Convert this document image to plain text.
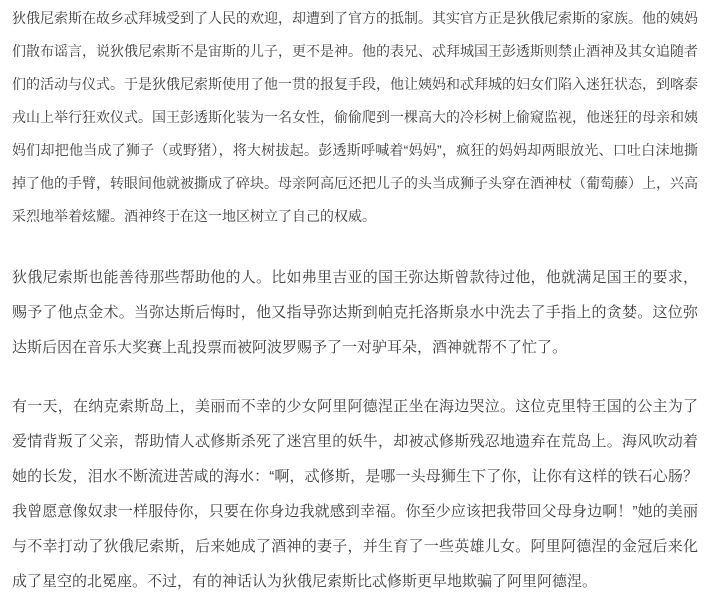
狄俄尼索斯在故乡忒拜城受到了人民的欢迎，却遭到了官方的抵制。其实官方正是狄俄尼索斯的家族。他的姨妈们散布谣言，说狄俄尼索斯不是宙斯的儿子，更不是神。他的表兄、忒拜城国王彭透斯则禁止酒神及其女追随者们的活动与仪式。于是狄俄尼索斯使用了他一贯的报复手段，他让姨妈和忒拜城的妇女们陷入迷狂状态，到喀泰戎山上举行狂欢仪式。国王彭透斯化装为一名女性，偷偷爬到一棵高大的冷杉树上偷窥监视，他迷狂的母亲和姨妈们却把他当成了狮子（或野猪），将大树拔起。彭透斯呼喊着“妈妈”，疯狂的妈妈却两眼放光、口吐白沫地撕掉了他的手臂，转眼间他就被撕成了碎块。母亲阿高厄还把儿子的头当成狮子头穿在酒神杖（葡萄藤）上，兴高采烈地举着炫耀。酒神终于在这一地区树立了自己的权威。

狄俄尼索斯也能善待那些帮助他的人。比如弗里吉亚的国王弥达斯曾款待过他，他就满足国王的要求，赐予了他点金术。当弥达斯后悔时，他又指导弥达斯到帕克托洛斯泉水中洗去了手指上的贪婪。这位弥达斯后因在音乐大奖赛上乱投票而被阿波罗赐予了一对驴耳朵，酒神就帮不了忙了。

有一天，在纳克索斯岛上，美丽而不幸的少女阿里阿德涅正坐在海边哭泣。这位克里特王国的公主为了爱情背叛了父亲，帮助情人忒修斯杀死了迷宫里的妖牛，却被忒修斯残忍地遗弃在荒岛上。海风吹动着她的长发，泪水不断流进苦咸的海水：“啊，忒修斯，是哪一头母狮生下了你，让你有这样的铁石心肠？我曾愿意像奴隶一样服侍你，只要在你身边我就感到幸福。你至少应该把我带回父母身边啊！”她的美丽与不幸打动了狄俄尼索斯，后来她成了酒神的妻子，并生育了一些英雄儿女。阿里阿德涅的金冠后来化成了星空的北冕座。不过，有的神话认为狄俄尼索斯比忒修斯更早地欺骗了阿里阿德涅。
